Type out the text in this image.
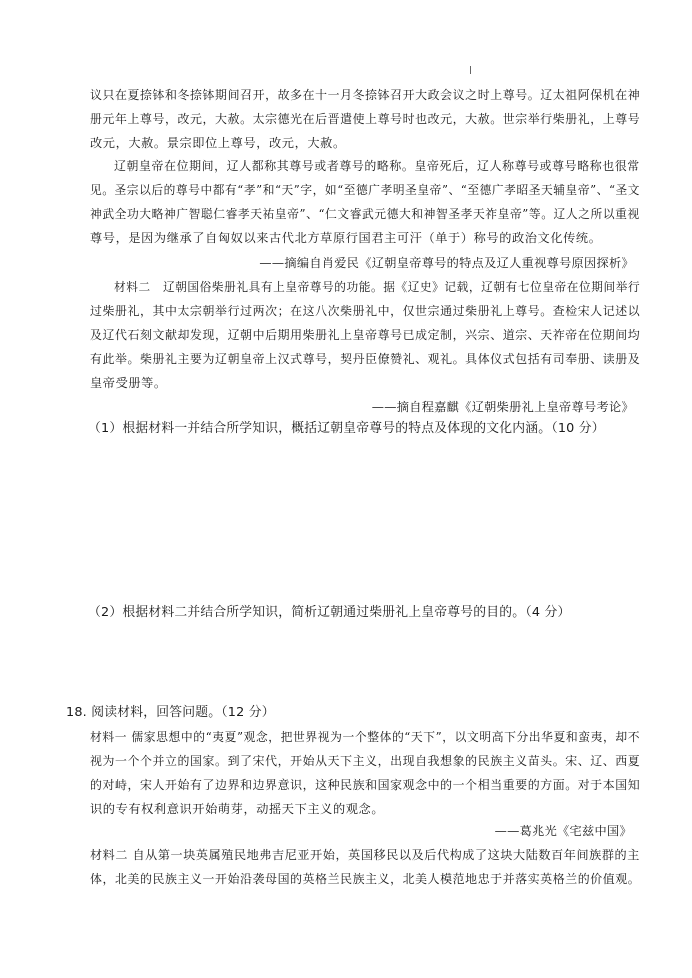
议只在夏捺钵和冬捺钵期间召开，故多在十一月冬捺钵召开大政会议之时上尊号。辽太祖阿保机在神
册元年上尊号，改元，大赦。太宗德光在后晋遣使上尊号时也改元，大赦。世宗举行柴册礼，上尊号
改元，大赦。景宗即位上尊号，改元，大赦。
辽朝皇帝在位期间，辽人都称其尊号或者尊号的略称。皇帝死后，辽人称尊号或尊号略称也很常
见。圣宗以后的尊号中都有“孝”和“天”字，如“至德广孝明圣皇帝”、“至德广孝昭圣天辅皇帝”、“圣文
神武全功大略神广智聪仁睿孝天祐皇帝”、“仁文睿武元德大和神智圣孝天祚皇帝”等。辽人之所以重视
尊号，是因为继承了自匈奴以来古代北方草原行国君主可汗（单于）称号的政治文化传统。
——摘编自肖爱民《辽朝皇帝尊号的特点及辽人重视尊号原因探析》
材料二　辽朝国俗柴册礼具有上皇帝尊号的功能。据《辽史》记载，辽朝有七位皇帝在位期间举行
过柴册礼，其中太宗朝举行过两次；在这八次柴册礼中，仅世宗通过柴册礼上尊号。查检宋人记述以
及辽代石刻文献却发现，辽朝中后期用柴册礼上皇帝尊号已成定制，兴宗、道宗、天祚帝在位期间均
有此举。柴册礼主要为辽朝皇帝上汉式尊号，契丹臣僚赞礼、观礼。具体仪式包括有司奉册、读册及
皇帝受册等。
——摘自程嘉麒《辽朝柴册礼上皇帝尊号考论》
（1）根据材料一并结合所学知识，概括辽朝皇帝尊号的特点及体现的文化内涵。（10 分）
（2）根据材料二并结合所学知识，简析辽朝通过柴册礼上皇帝尊号的目的。（4 分）
18. 阅读材料，回答问题。（12 分）
材料一 儒家思想中的“夷夏”观念，把世界视为一个整体的“天下”，以文明高下分出华夏和蛮夷，却不
视为一个个并立的国家。到了宋代，开始从天下主义，出现自我想象的民族主义苗头。宋、辽、西夏
的对峙，宋人开始有了边界和边界意识，这种民族和国家观念中的一个相当重要的方面。对于本国知
识的专有权利意识开始萌芽，动摇天下主义的观念。
——葛兆光《宅兹中国》
材料二 自从第一块英属殖民地弗吉尼亚开始，英国移民以及后代构成了这块大陆数百年间族群的主
体，北美的民族主义一开始沿袭母国的英格兰民族主义，北美人模范地忠于并落实英格兰的价值观。
